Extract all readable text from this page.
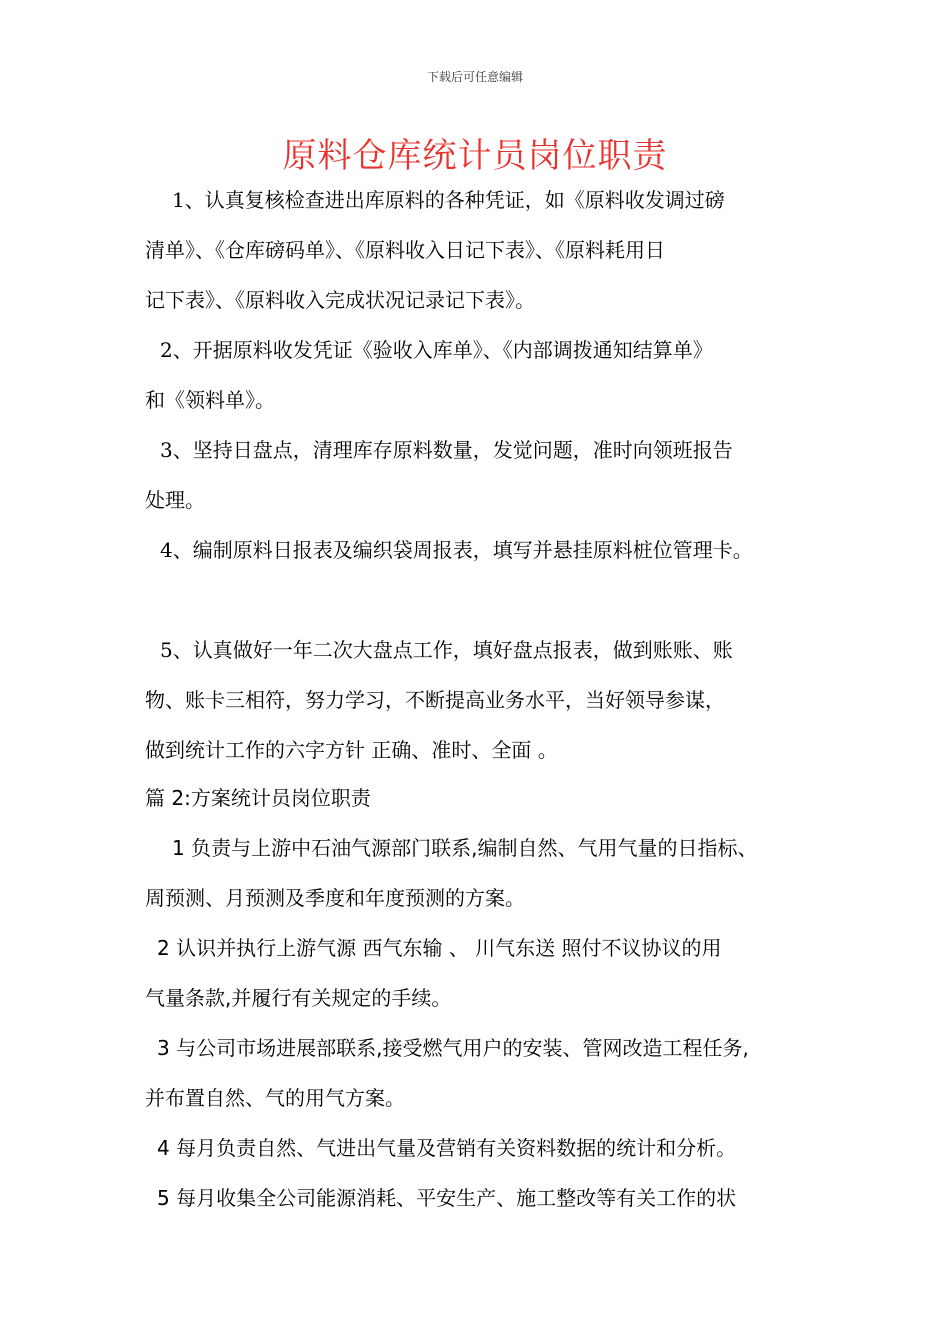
下载后可任意编辑
原料仓库统计员岗位职责
1、认真复核检查进出库原料的各种凭证，如《原料收发调过磅
清单》、《仓库磅码单》、《原料收入日记下表》、《原料耗用日
记下表》、《原料收入完成状况记录记下表》。
2、开据原料收发凭证《验收入库单》、《内部调拨通知结算单》
和《领料单》。
3、坚持日盘点，清理库存原料数量，发觉问题，准时向领班报告
处理。
4、编制原料日报表及编织袋周报表，填写并悬挂原料桩位管理卡。
5、认真做好一年二次大盘点工作，填好盘点报表，做到账账、账
物、账卡三相符，努力学习，不断提高业务水平，当好领导参谋，
做到统计工作的六字方针 正确、准时、全面 。
篇 2:方案统计员岗位职责
1 负责与上游中石油气源部门联系,编制自然、气用气量的日指标、
周预测、月预测及季度和年度预测的方案。
2 认识并执行上游气源 西气东输 、 川气东送 照付不议协议的用
气量条款,并履行有关规定的手续。
3 与公司市场进展部联系,接受燃气用户的安装、管网改造工程任务,
并布置自然、气的用气方案。
4 每月负责自然、气进出气量及营销有关资料数据的统计和分析。
5 每月收集全公司能源消耗、平安生产、施工整改等有关工作的状
